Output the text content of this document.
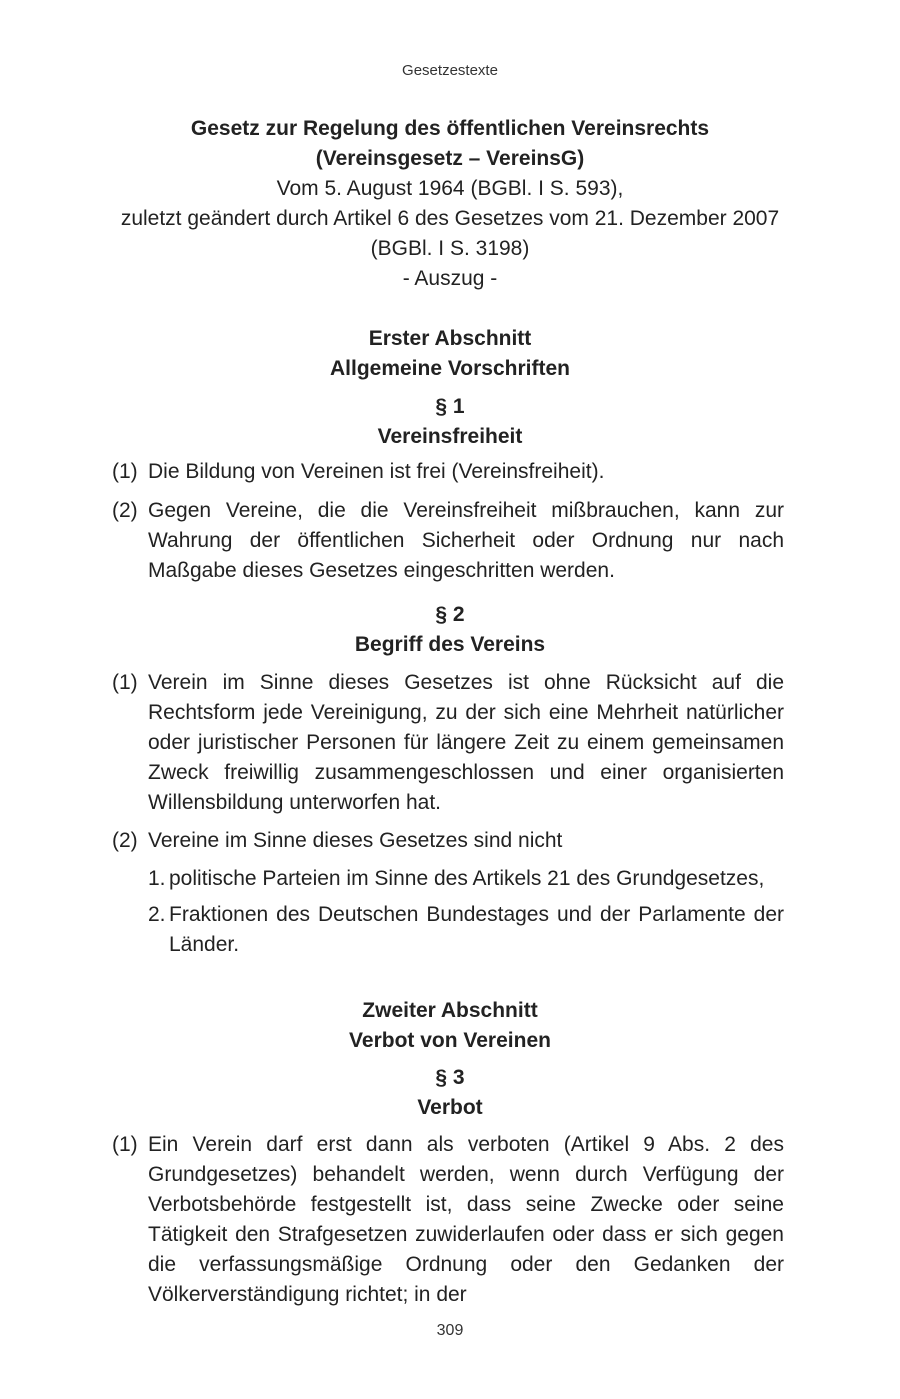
Gesetzestexte
Gesetz zur Regelung des öffentlichen Vereinsrechts
(Vereinsgesetz – VereinsG)
Vom 5. August 1964 (BGBl. I S. 593),
zuletzt geändert durch Artikel 6 des Gesetzes vom 21. Dezember 2007
(BGBl. I S. 3198)
- Auszug -
Erster Abschnitt
Allgemeine Vorschriften
§ 1
Vereinsfreiheit
(1) Die Bildung von Vereinen ist frei (Vereinsfreiheit).
(2) Gegen Vereine, die die Vereinsfreiheit mißbrauchen, kann zur Wahrung der öffentlichen Sicherheit oder Ordnung nur nach Maßgabe dieses Gesetzes eingeschritten werden.
§ 2
Begriff des Vereins
(1) Verein im Sinne dieses Gesetzes ist ohne Rücksicht auf die Rechtsform jede Vereinigung, zu der sich eine Mehrheit natürlicher oder juristischer Personen für längere Zeit zu einem gemeinsamen Zweck freiwillig zusammengeschlossen und einer organisierten Willensbildung unterworfen hat.
(2) Vereine im Sinne dieses Gesetzes sind nicht
1. politische Parteien im Sinne des Artikels 21 des Grundgesetzes,
2. Fraktionen des Deutschen Bundestages und der Parlamente der Länder.
Zweiter Abschnitt
Verbot von Vereinen
§ 3
Verbot
(1) Ein Verein darf erst dann als verboten (Artikel 9 Abs. 2 des Grundgesetzes) behandelt werden, wenn durch Verfügung der Verbotsbehörde festgestellt ist, dass seine Zwecke oder seine Tätigkeit den Strafgesetzen zuwiderlaufen oder dass er sich gegen die verfassungsmäßige Ordnung oder den Gedanken der Völkerverständigung richtet; in der
309
